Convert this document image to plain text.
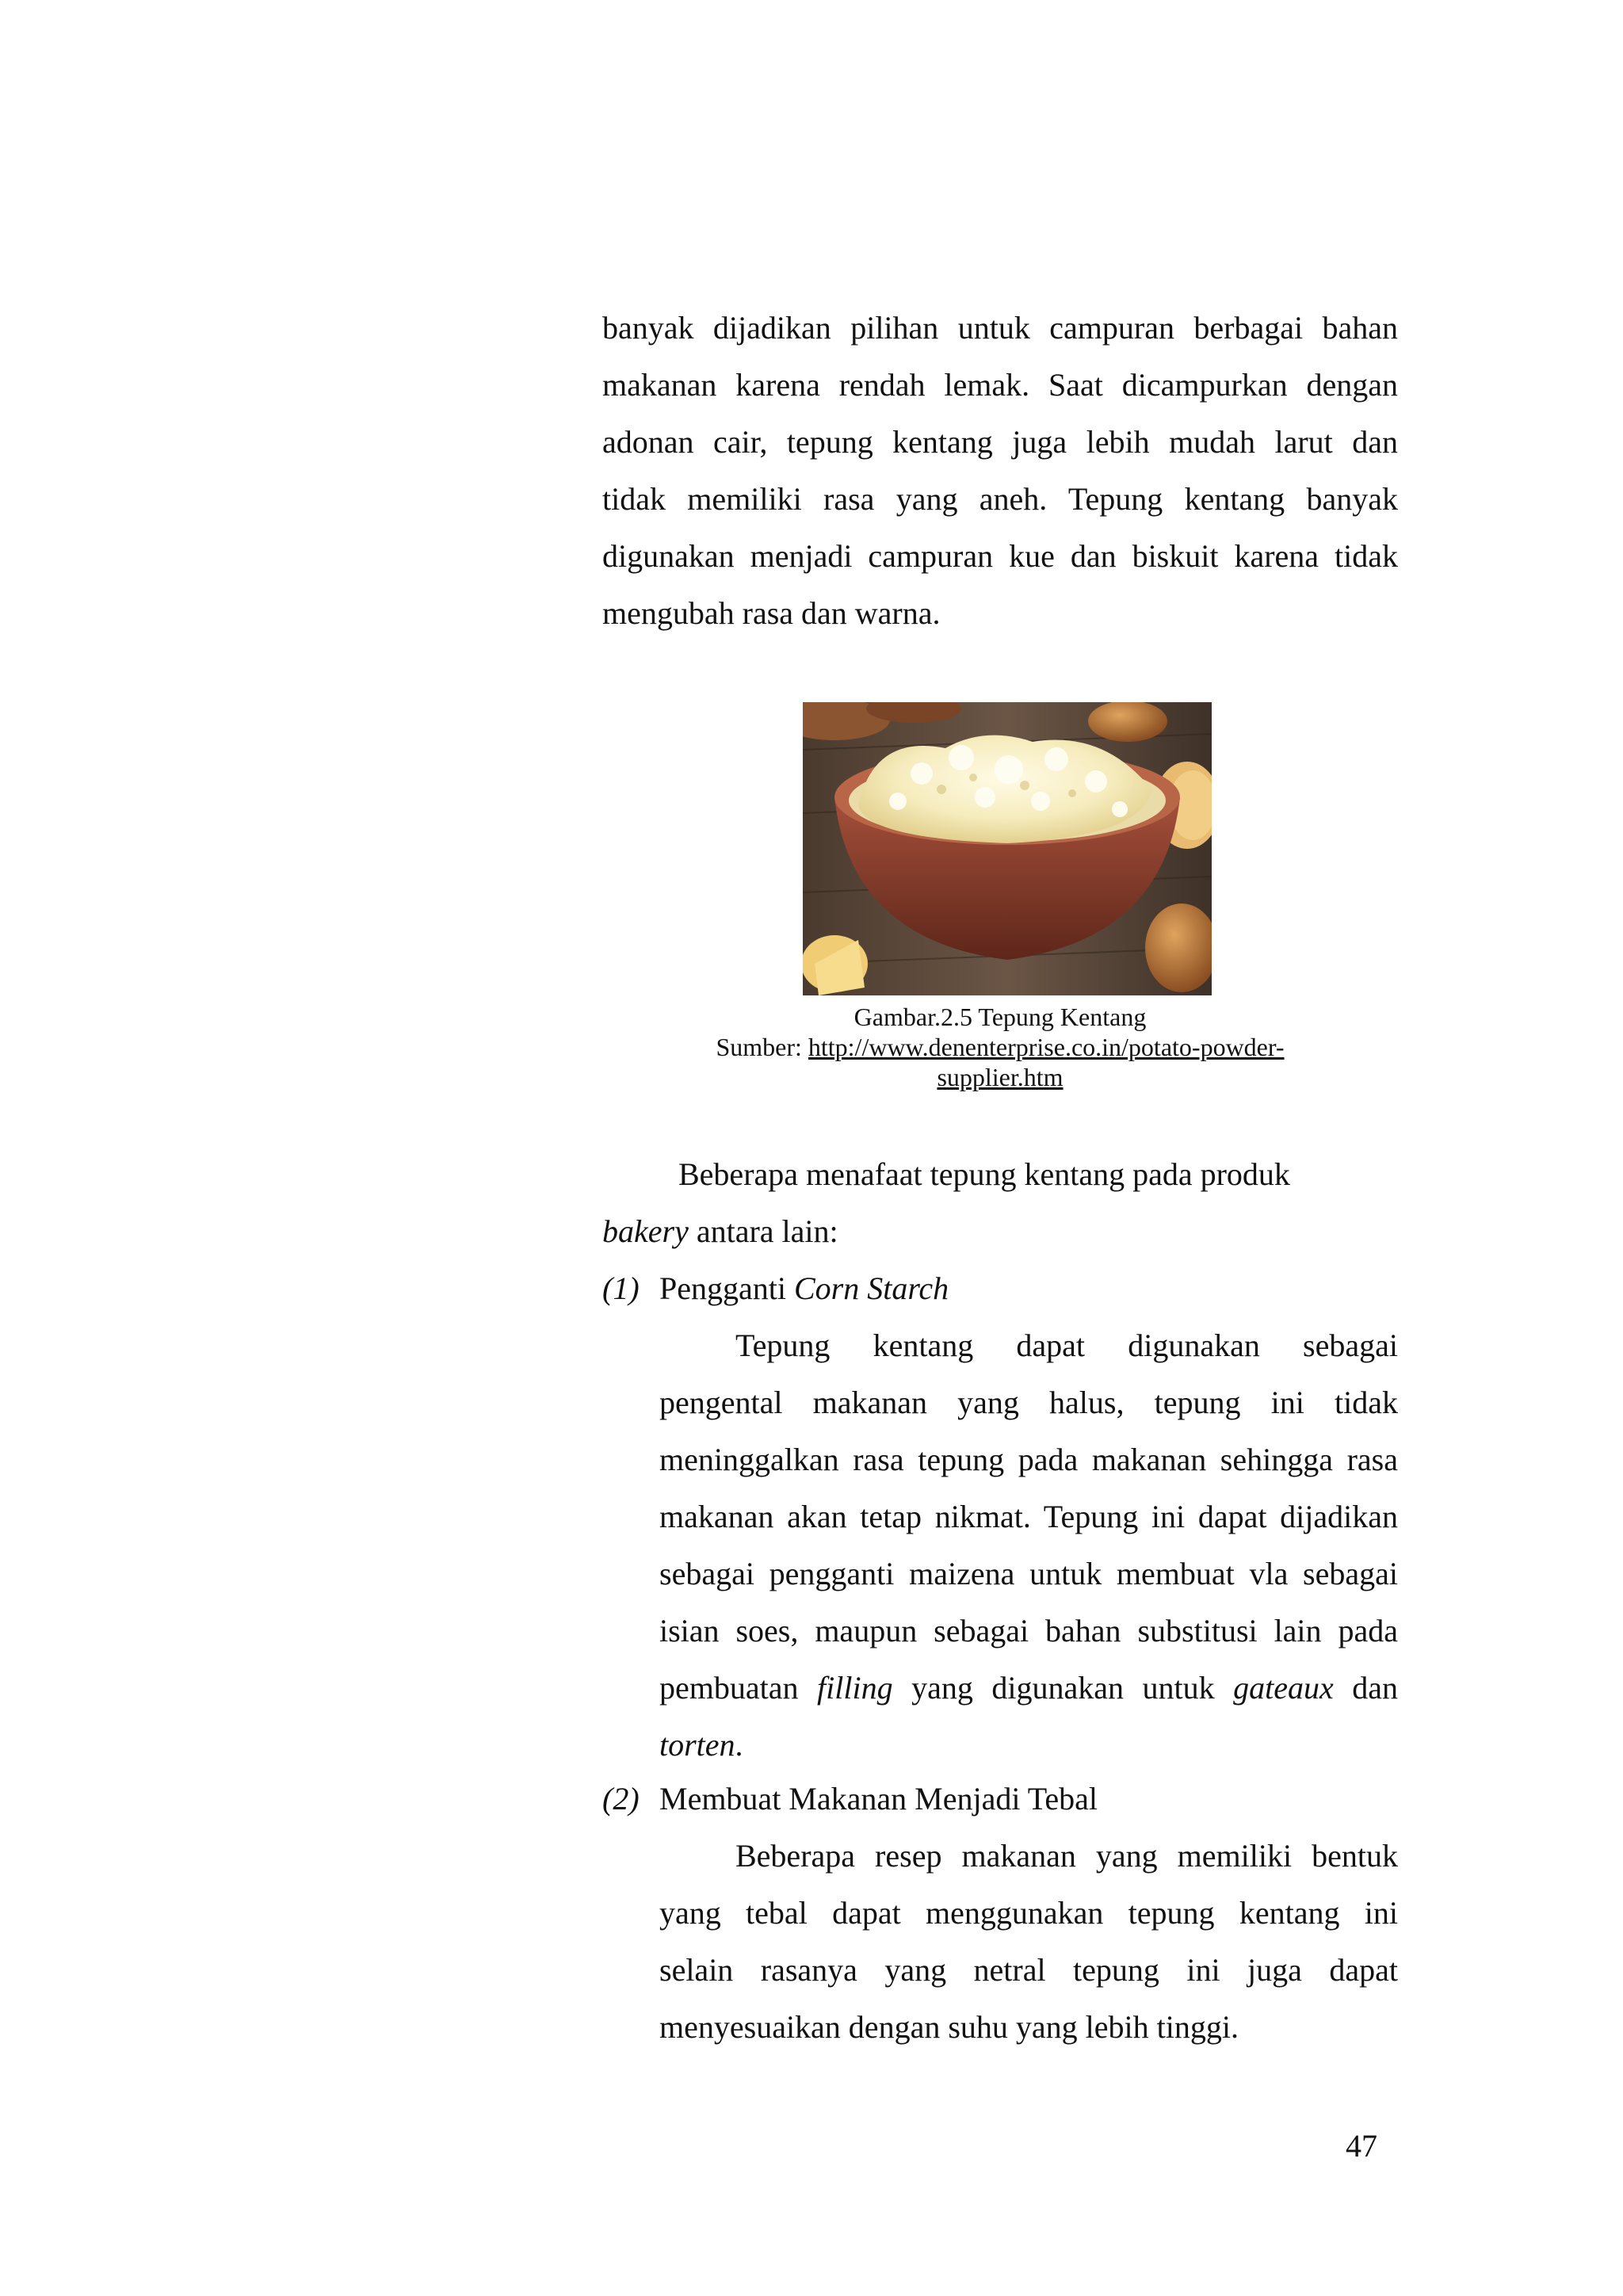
banyak dijadikan pilihan untuk campuran berbagai bahan
makanan karena rendah lemak. Saat dicampurkan dengan
adonan cair, tepung kentang juga lebih mudah larut dan
tidak memiliki rasa yang aneh. Tepung kentang banyak
digunakan menjadi campuran kue dan biskuit karena tidak
mengubah rasa dan warna.
Gambar.2.5 Tepung Kentang
Sumber: http://www.denenterprise.co.in/potato-powder-
supplier.htm
Beberapa menafaat tepung kentang pada produk
bakery antara lain:
(1) Pengganti Corn Starch
Tepung kentang dapat digunakan sebagai
pengental makanan yang halus, tepung ini tidak
meninggalkan rasa tepung pada makanan sehingga rasa
makanan akan tetap nikmat. Tepung ini dapat dijadikan
sebagai pengganti maizena untuk membuat vla sebagai
isian soes, maupun sebagai bahan substitusi lain pada
pembuatan filling yang digunakan untuk gateaux dan
torten.
(2) Membuat Makanan Menjadi Tebal
Beberapa resep makanan yang memiliki bentuk
yang tebal dapat menggunakan tepung kentang ini
selain rasanya yang netral tepung ini juga dapat
menyesuaikan dengan suhu yang lebih tinggi.
47
